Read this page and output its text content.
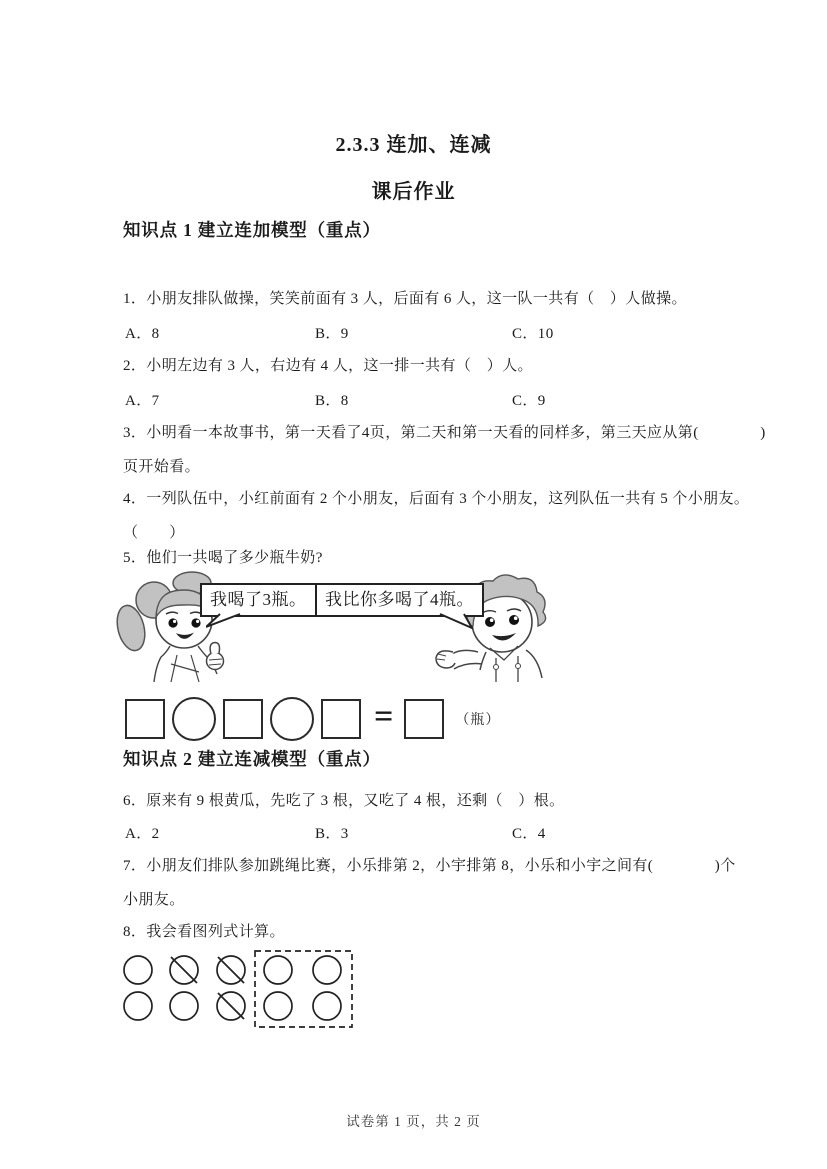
2.3.3 连加、连减
课后作业
知识点 1 建立连加模型（重点）
1．小朋友排队做操，笑笑前面有 3 人，后面有 6 人，这一队一共有（　）人做操。
A．8	B．9	C．10
2．小明左边有 3 人，右边有 4 人，这一排一共有（　）人。
A．7	B．8	C．9
3．小明看一本故事书，第一天看了4页，第二天和第一天看的同样多，第三天应从第(　　　　)
页开始看。
4．一列队伍中，小红前面有 2 个小朋友，后面有 3 个小朋友，这列队伍一共有 5 个小朋友。
（　　）
5．他们一共喝了多少瓶牛奶?
我喝了3瓶。	我比你多喝了4瓶。
=	（瓶）
知识点 2 建立连减模型（重点）
6．原来有 9 根黄瓜，先吃了 3 根，又吃了 4 根，还剩（　）根。
A．2	B．3	C．4
7．小朋友们排队参加跳绳比赛，小乐排第 2，小宇排第 8，小乐和小宇之间有(　　　　)个
小朋友。
8．我会看图列式计算。
试卷第 1 页，共 2 页
